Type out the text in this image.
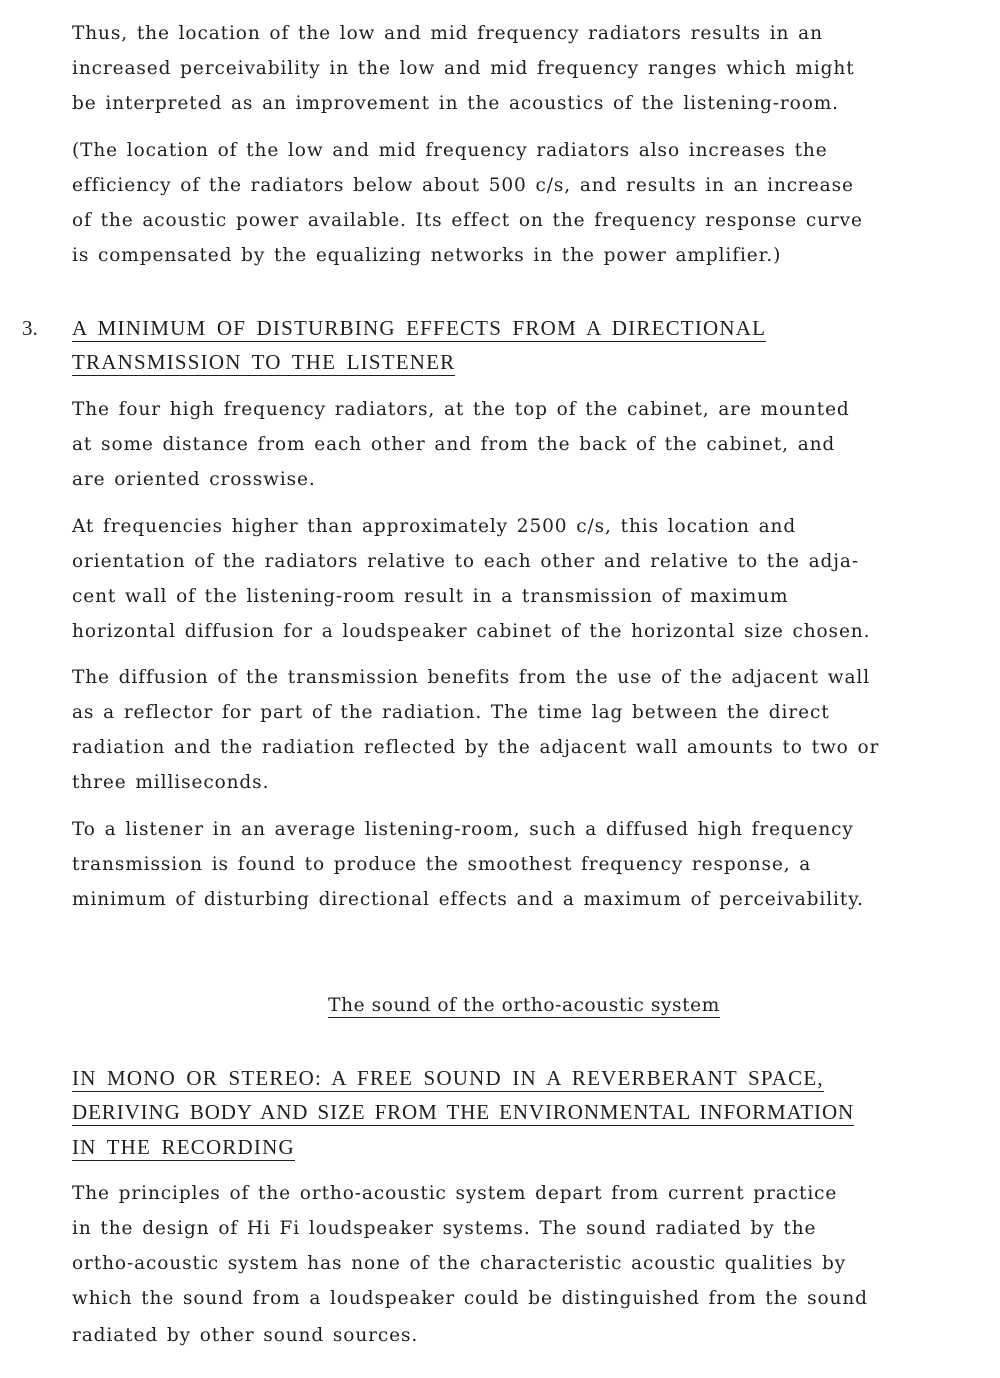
Thus, the location of the low and mid frequency radiators results in an

increased perceivability in the low and mid frequency ranges which might

be interpreted as an improvement in the acoustics of the listening-room.

(The location of the low and mid frequency radiators also increases the

efficiency of the radiators below about 500 c/s, and results in an increase

of the acoustic power available. Its effect on the frequency response curve

is compensated by the equalizing networks in the power amplifier.)

3. A MINIMUM OF DISTURBING EFFECTS FROM A DIRECTIONAL

TRANSMISSION TO THE LISTENER

The four high frequency radiators, at the top of the cabinet, are mounted

at some distance from each other and from the back of the cabinet, and

are oriented crosswise.

At frequencies higher than approximately 2500 c/s, this location and

orientation of the radiators relative to each other and relative to the adja-

cent wall of the listening-room result in a transmission of maximum

horizontal diffusion for a loudspeaker cabinet of the horizontal size chosen.

The diffusion of the transmission benefits from the use of the adjacent wall

as a reflector for part of the radiation. The time lag between the direct

radiation and the radiation reflected by the adjacent wall amounts to two or

three milliseconds.

To a listener in an average listening-room, such a diffused high frequency

transmission is found to produce the smoothest frequency response, a

minimum of disturbing directional effects and a maximum of perceivability.

The sound of the ortho-acoustic system

IN MONO OR STEREO: A FREE SOUND IN A REVERBERANT SPACE,

DERIVING BODY AND SIZE FROM THE ENVIRONMENTAL INFORMATION

IN THE RECORDING

The principles of the ortho-acoustic system depart from current practice

in the design of Hi Fi loudspeaker systems. The sound radiated by the

ortho-acoustic system has none of the characteristic acoustic qualities by

which the sound from a loudspeaker could be distinguished from the sound

radiated by other sound sources.
